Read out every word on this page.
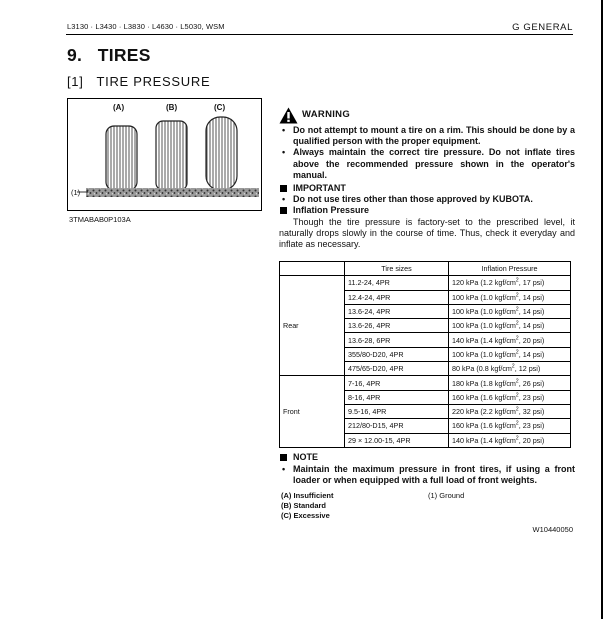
L3130 · L3430 · L3830 · L4630 · L5030, WSM	G GENERAL
9. TIRES
[1] TIRE PRESSURE
(A)	(B)	(C)
(1)
3TMABAB0P103A
WARNING
• Do not attempt to mount a tire on a rim. This should be done by a qualified person with the proper equipment.
• Always maintain the correct tire pressure. Do not inflate tires above the recommended pressure shown in the operator's manual.
IMPORTANT
• Do not use tires other than those approved by KUBOTA.
Inflation Pressure
Though the tire pressure is factory-set to the prescribed level, it naturally drops slowly in the course of time. Thus, check it everyday and inflate as necessary.
	Tire sizes	Inflation Pressure
Rear	11.2-24, 4PR	120 kPa (1.2 kgf/$cm^2$, 17 psi)
	12.4-24, 4PR	100 kPa (1.0 kgf/$cm^2$, 14 psi)
	13.6-24, 4PR	100 kPa (1.0 kgf/$cm^2$, 14 psi)
	13.6-26, 4PR	100 kPa (1.0 kgf/$cm^2$, 14 psi)
	13.6-28, 6PR	140 kPa (1.4 kgf/$cm^2$, 20 psi)
	355/80-D20, 4PR	100 kPa (1.0 kgf/$cm^2$, 14 psi)
	475/65-D20, 4PR	80 kPa (0.8 kgf/$cm^2$, 12 psi)
Front	7-16, 4PR	180 kPa (1.8 kgf/$cm^2$, 26 psi)
	8-16, 4PR	160 kPa (1.6 kgf/$cm^2$, 23 psi)
	9.5-16, 4PR	220 kPa (2.2 kgf/$cm^2$, 32 psi)
	212/80-D15, 4PR	160 kPa (1.6 kgf/$cm^2$, 23 psi)
	29 × 12.00-15, 4PR	140 kPa (1.4 kgf/$cm^2$, 20 psi)
NOTE
• Maintain the maximum pressure in front tires, if using a front loader or when equipped with a full load of front weights.
(A) Insufficient
(B) Standard
(C) Excessive
(1) Ground
W10440050
